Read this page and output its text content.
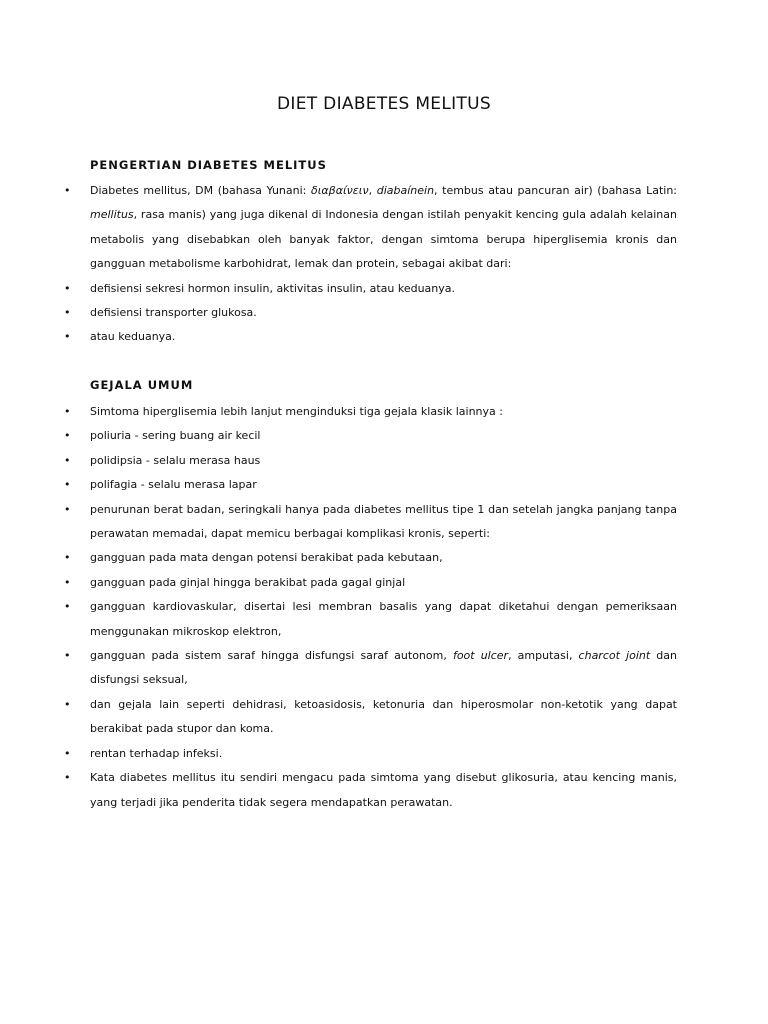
DIET DIABETES MELITUS
PENGERTIAN DIABETES MELITUS
• Diabetes mellitus, DM (bahasa Yunani: διαβαίνειν, diabaínein, tembus atau pancuran air) (bahasa Latin: mellitus, rasa manis) yang juga dikenal di Indonesia dengan istilah penyakit kencing gula adalah kelainan metabolis yang disebabkan oleh banyak faktor, dengan simtoma berupa hiperglisemia kronis dan gangguan metabolisme karbohidrat, lemak dan protein, sebagai akibat dari:
• defisiensi sekresi hormon insulin, aktivitas insulin, atau keduanya.
• defisiensi transporter glukosa.
• atau keduanya.
GEJALA UMUM
• Simtoma hiperglisemia lebih lanjut menginduksi tiga gejala klasik lainnya :
• poliuria - sering buang air kecil
• polidipsia - selalu merasa haus
• polifagia - selalu merasa lapar
• penurunan berat badan, seringkali hanya pada diabetes mellitus tipe 1 dan setelah jangka panjang tanpa perawatan memadai, dapat memicu berbagai komplikasi kronis, seperti:
• gangguan pada mata dengan potensi berakibat pada kebutaan,
• gangguan pada ginjal hingga berakibat pada gagal ginjal
• gangguan kardiovaskular, disertai lesi membran basalis yang dapat diketahui dengan pemeriksaan menggunakan mikroskop elektron,
• gangguan pada sistem saraf hingga disfungsi saraf autonom, foot ulcer, amputasi, charcot joint dan disfungsi seksual,
• dan gejala lain seperti dehidrasi, ketoasidosis, ketonuria dan hiperosmolar non-ketotik yang dapat berakibat pada stupor dan koma.
• rentan terhadap infeksi.
• Kata diabetes mellitus itu sendiri mengacu pada simtoma yang disebut glikosuria, atau kencing manis, yang terjadi jika penderita tidak segera mendapatkan perawatan.
